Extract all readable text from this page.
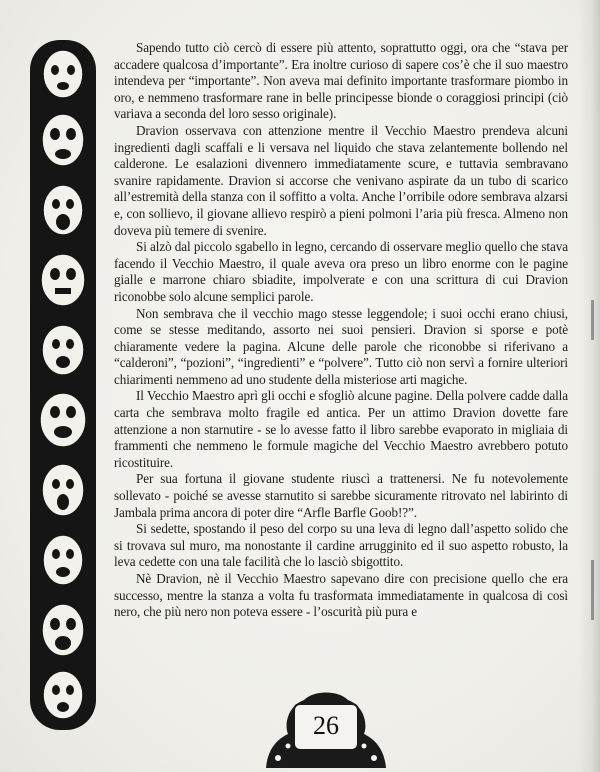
Sapendo tutto ciò cercò di essere più attento, soprattutto oggi, ora che “stava per accadere qualcosa d’importante”. Era inoltre curioso di sapere cos’è che il suo maestro intendeva per “importante”. Non aveva mai definito importante trasformare piombo in oro, e nemmeno trasformare rane in belle principesse bionde o coraggiosi principi (ciò variava a seconda del loro sesso originale).

Dravion osservava con attenzione mentre il Vecchio Maestro prendeva alcuni ingredienti dagli scaffali e li versava nel liquido che stava zelantemente bollendo nel calderone. Le esalazioni divennero immediatamente scure, e tuttavia sembravano svanire rapidamente. Dravion si accorse che venivano aspirate da un tubo di scarico all’estremità della stanza con il soffitto a volta. Anche l’orribile odore sembrava alzarsi e, con sollievo, il giovane allievo respirò a pieni polmoni l’aria più fresca. Almeno non doveva più temere di svenire.

Si alzò dal piccolo sgabello in legno, cercando di osservare meglio quello che stava facendo il Vecchio Maestro, il quale aveva ora preso un libro enorme con le pagine gialle e marrone chiaro sbiadite, impolverate e con una scrittura di cui Dravion riconobbe solo alcune semplici parole.

Non sembrava che il vecchio mago stesse leggendole; i suoi occhi erano chiusi, come se stesse meditando, assorto nei suoi pensieri. Dravion si sporse e potè chiaramente vedere la pagina. Alcune delle parole che riconobbe si riferivano a “calderoni”, “pozioni”, “ingredienti” e “polvere”. Tutto ciò non servì a fornire ulteriori chiarimenti nemmeno ad uno studente della misteriose arti magiche.

Il Vecchio Maestro aprì gli occhi e sfogliò alcune pagine. Della polvere cadde dalla carta che sembrava molto fragile ed antica. Per un attimo Dravion dovette fare attenzione a non starnutire - se lo avesse fatto il libro sarebbe evaporato in migliaia di frammenti che nemmeno le formule magiche del Vecchio Maestro avrebbero potuto ricostituire.

Per sua fortuna il giovane studente riuscì a trattenersi. Ne fu notevolemente sollevato - poiché se avesse starnutito si sarebbe sicuramente ritrovato nel labirinto di Jambala prima ancora di poter dire “Arfle Barfle Goob!?”.

Si sedette, spostando il peso del corpo su una leva di legno dall’aspetto solido che si trovava sul muro, ma nonostante il cardine arrugginito ed il suo aspetto robusto, la leva cedette con una tale facilità che lo lasciò sbigottito.

Nè Dravion, nè il Vecchio Maestro sapevano dire con precisione quello che era successo, mentre la stanza a volta fu trasformata immediatamente in qualcosa di così nero, che più nero non poteva essere - l’oscurità più pura e

26
